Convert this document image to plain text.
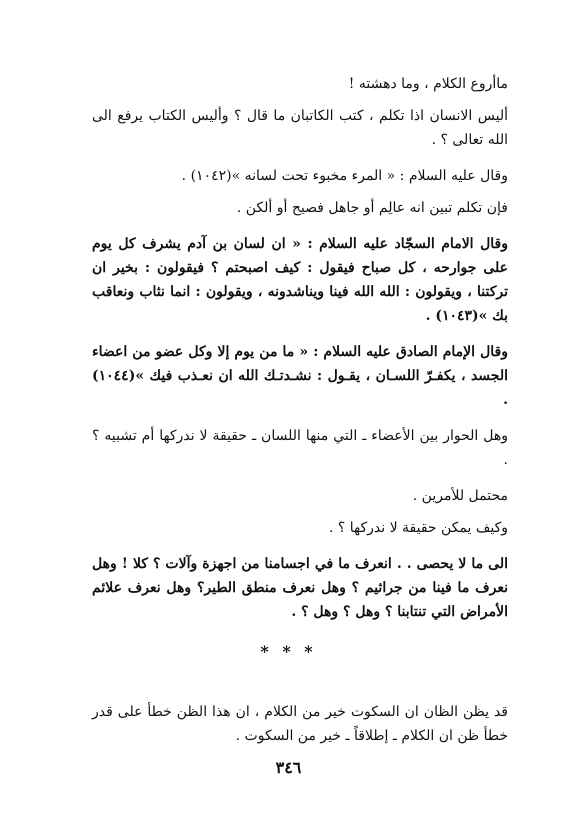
ماأروع الكلام ، وما دهشته !

أليس الانسان اذا تكلم ، كتب الكاتبان ما قال ؟ وأليس الكتاب يرفع الى الله تعالى ؟ .

وقال عليه السلام : « المرء مخبوء تحت لسانه »(١٠٤٢) .

فإن تكلم تبين انه عالِم أو جاهل فصيح أو ألكن .

وقال الامام السجّاد عليه السلام : « ان لسان بن آدم يشرف كل يوم على جوارحه ، كل صباح فيقول : كيف اصبحتم ؟ فيقولون : بخير ان تركتنا ، ويقولون : الله الله فينا ويناشدونه ، ويقولون : انما نثاب ونعاقب بك »(١٠٤٣) .

وقال الإمام الصادق عليه السلام : « ما من يوم إلا وكل عضو من اعضاء الجسد ، يكفـرّ اللسـان ، يقـول : نشـدتـك الله ان نعـذب فيك »(١٠٤٤) .

وهل الحوار بين الأعضاء ـ التي منها اللسان ـ حقيقة لا ندركها أم تشبيه ؟ .

محتمل للأمرين .

وكيف يمكن حقيقة لا ندركها ؟ .

الى ما لا يحصى . . انعرف ما في اجسامنا من اجهزة وآلات ؟ كلا ! وهل نعرف ما فينا من جراثيم ؟ وهل نعرف منطق الطير؟ وهل نعرف علائم الأمراض التي تنتابنا ؟ وهل ؟ وهل ؟ .

* * *

قد يظن الظان ان السكوت خير من الكلام ، ان هذا الظن خطأ على قدر خطأ ظن ان الكلام ـ إطلاقاً ـ خير من السكوت .

٣٤٦
